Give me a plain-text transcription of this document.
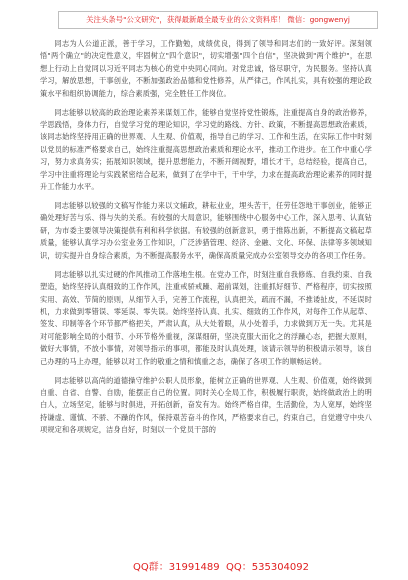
关注头条号"公文研究"，获得最新最全最专业的公文资料库！ 微信：gongwenyj

同志为人公道正派，善于学习，工作勤勉，成绩优良，得到了领导和同志们的一致好评。深刻领悟"两个确立"的决定性意义，牢固树立"四个意识"，切实增强"四个自信"，坚决做到"两个维护"，在思想上行动上自觉同以习近平同志为核心的党中央同心同向。对党忠诚，恪尽职守，为民服务。坚持认真学习，解放思想，干事创业，不断加强政治品德和党性修养，从严律己，作风扎实，具有较强的理论政策水平和组织协调能力，综合素质强，完全胜任工作岗位。

同志能够以较高的政治理论素养来谋划工作，能够自觉坚持党性锻炼，注重提高自身的政治修养，学思践悟，身体力行，自觉学习党的理论知识，学习党的路线、方针、政策，不断提高思想政治素质，该同志始终坚持用正确的世界观、人生观、价值观，指导自己的学习、工作和生活，在实际工作中时刻以党员的标准严格要求自己，始终注重提高思想政治素质和理论水平，推动工作进步。在工作中重心学习，努力求真务实；拓展知识领域，提升思想能力，不断开阔视野，增长才干，总结经验，提高自己，学习中注重将理论与实践紧密结合起来，做到了在学中干，干中学，力求在提高政治理论素养的同时提升工作能力水平。

同志能够以较强的文稿写作能力来以文辅政，耕耘业业，埋头苦干，任劳任怨地干事创业，能够正确处理好苦与乐、得与失的关系。有较强的大局意识，能够围绕中心服务中心工作，深入思考、认真钻研，为市委主要领导决策提供有利和科学依据。有较强的创新意识，勇于推陈出新，不断提高文稿起草质量，能够认真学习办公室业务工作知识，广泛涉猎管理、经济、金融、文化、环保、法律等多领域知识，切实提升自身综合素质，为不断提高服务水平，确保高质量完成办公室领导交办的各项工作任务。

同志能够以扎实过硬的作风推动工作落地生根。在党办工作，时刻注重自我修炼、自我约束、自我塑造，始终坚持认真细致的工作作风，注重戒骄戒躁、超前谋划，注重抓好细节、严格程序，切实按照实用、高效、节简的原则，从细节入手，完善工作流程，认真把关，疏而不漏，不推诿扯皮，不延误时机，力求做到零错误、零延误、零失误。始终坚持认真、扎实、细致的工作作风，对每件工作从起草、签发、印制等各个环节都严格把关，严肃认真，从大处着眼，从小处着手，力求做到万无一失。尤其是对可能影响全局的小细节、小环节格外重视，深谋细研，坚决克服大而化之的浮躁心态，把握大原则，做好大事情，不放小事情，对领导指示的事项，都能及时认真处理，该请示领导的积极请示领导，该自己办理的马上办理，能够以对工作的敬重之情和慎重之态，确保了各项工作的顺畅运转。

同志能够以高尚的道德操守维护公职人员形象，能树立正确的世界观、人生观、价值观，始终做到自重、自省、自警、自励，能摆正自己的位置。同时关心全局工作，积极履行职责，始终做政治上的明白人，立场坚定，能够与时俱进，开拓创新，奋发有为。始终严格自律，生活勤俭，为人宽厚，始终坚持谦虚、谨慎、不骄、不躁的作风，保持艰苦奋斗的作风，严格要求自己，约束自己，自觉遵守中央八项规定和各项规定，洁身自好，时刻以一个党员干部的

QQ群：31991489 QQ：535304092
